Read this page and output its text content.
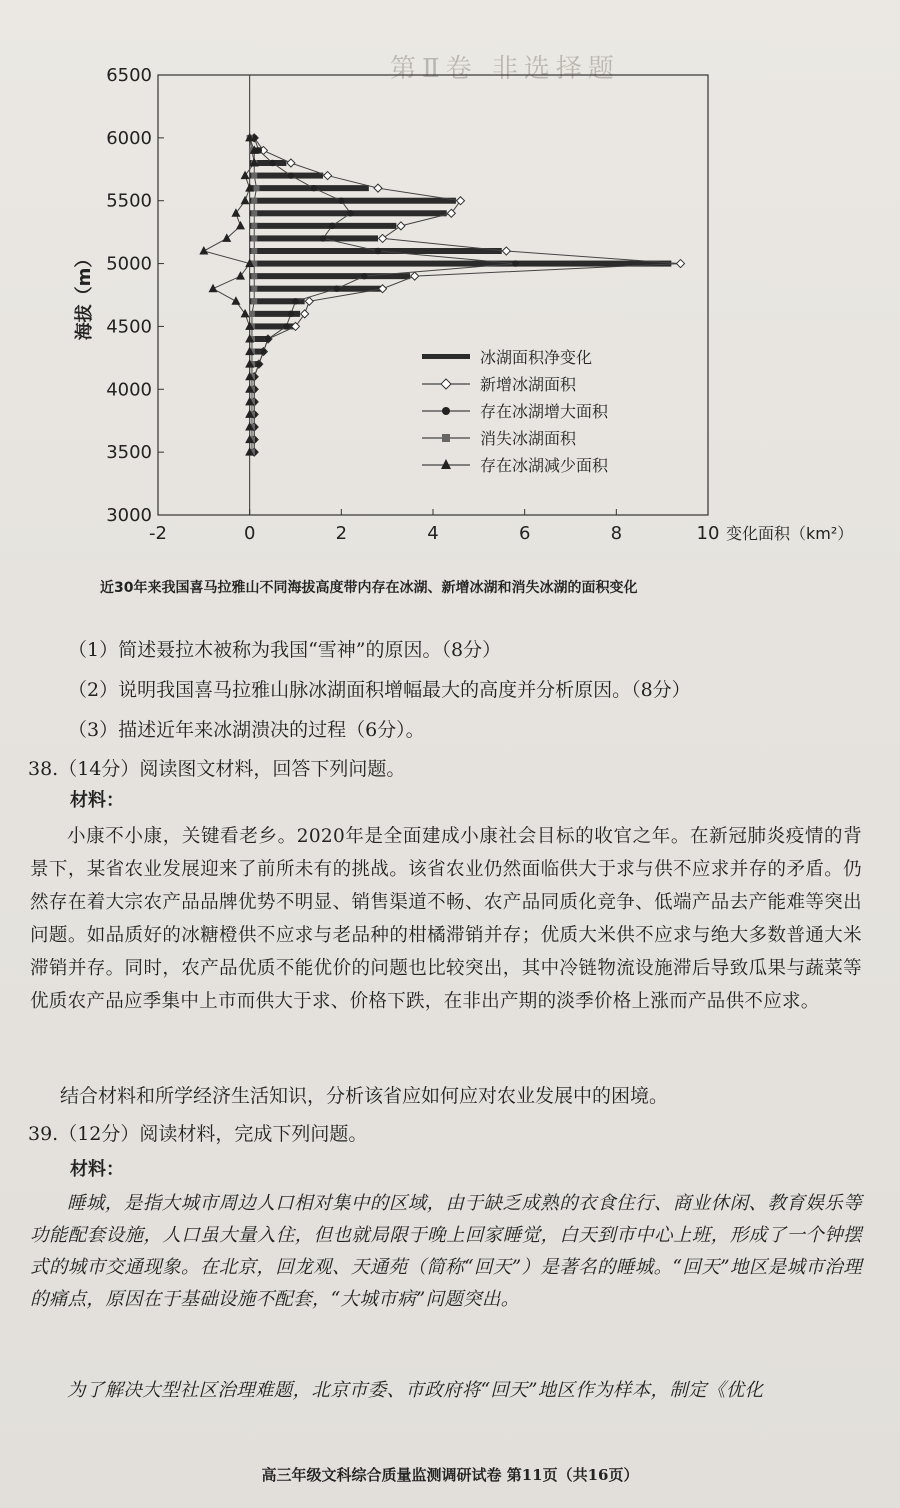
第Ⅱ卷 非选择题
-2	0	2	4	6	8	10
3000
3500
4000
4500
5000
5500
6000
6500
变化面积（km²）
海拔（m）
冰湖面积净变化
新增冰湖面积
存在冰湖增大面积
消失冰湖面积
存在冰湖减少面积
近30年来我国喜马拉雅山不同海拔高度带内存在冰湖、新增冰湖和消失冰湖的面积变化
（1）简述聂拉木被称为我国“雪神”的原因。（8分）
（2）说明我国喜马拉雅山脉冰湖面积增幅最大的高度并分析原因。（8分）
（3）描述近年来冰湖溃决的过程（6分）。
38.（14分）阅读图文材料，回答下列问题。
材料：
小康不小康，关键看老乡。2020年是全面建成小康社会目标的收官之年。在新冠肺炎疫情的背景下，某省农业发展迎来了前所未有的挑战。该省农业仍然面临供大于求与供不应求并存的矛盾。仍然存在着大宗农产品品牌优势不明显、销售渠道不畅、农产品同质化竞争、低端产品去产能难等突出问题。如品质好的冰糖橙供不应求与老品种的柑橘滞销并存；优质大米供不应求与绝大多数普通大米滞销并存。同时，农产品优质不能优价的问题也比较突出，其中冷链物流设施滞后导致瓜果与蔬菜等优质农产品应季集中上市而供大于求、价格下跌，在非出产期的淡季价格上涨而产品供不应求。
结合材料和所学经济生活知识，分析该省应如何应对农业发展中的困境。
39.（12分）阅读材料，完成下列问题。
材料：
睡城，是指大城市周边人口相对集中的区域，由于缺乏成熟的衣食住行、商业休闲、教育娱乐等功能配套设施，人口虽大量入住，但也就局限于晚上回家睡觉，白天到市中心上班，形成了一个钟摆式的城市交通现象。在北京，回龙观、天通苑（简称“回天”）是著名的睡城。“回天”地区是城市治理的痛点，原因在于基础设施不配套，“大城市病”问题突出。
为了解决大型社区治理难题，北京市委、市政府将“回天”地区作为样本，制定《优化
高三年级文科综合质量监测调研试卷 第11页（共16页）
